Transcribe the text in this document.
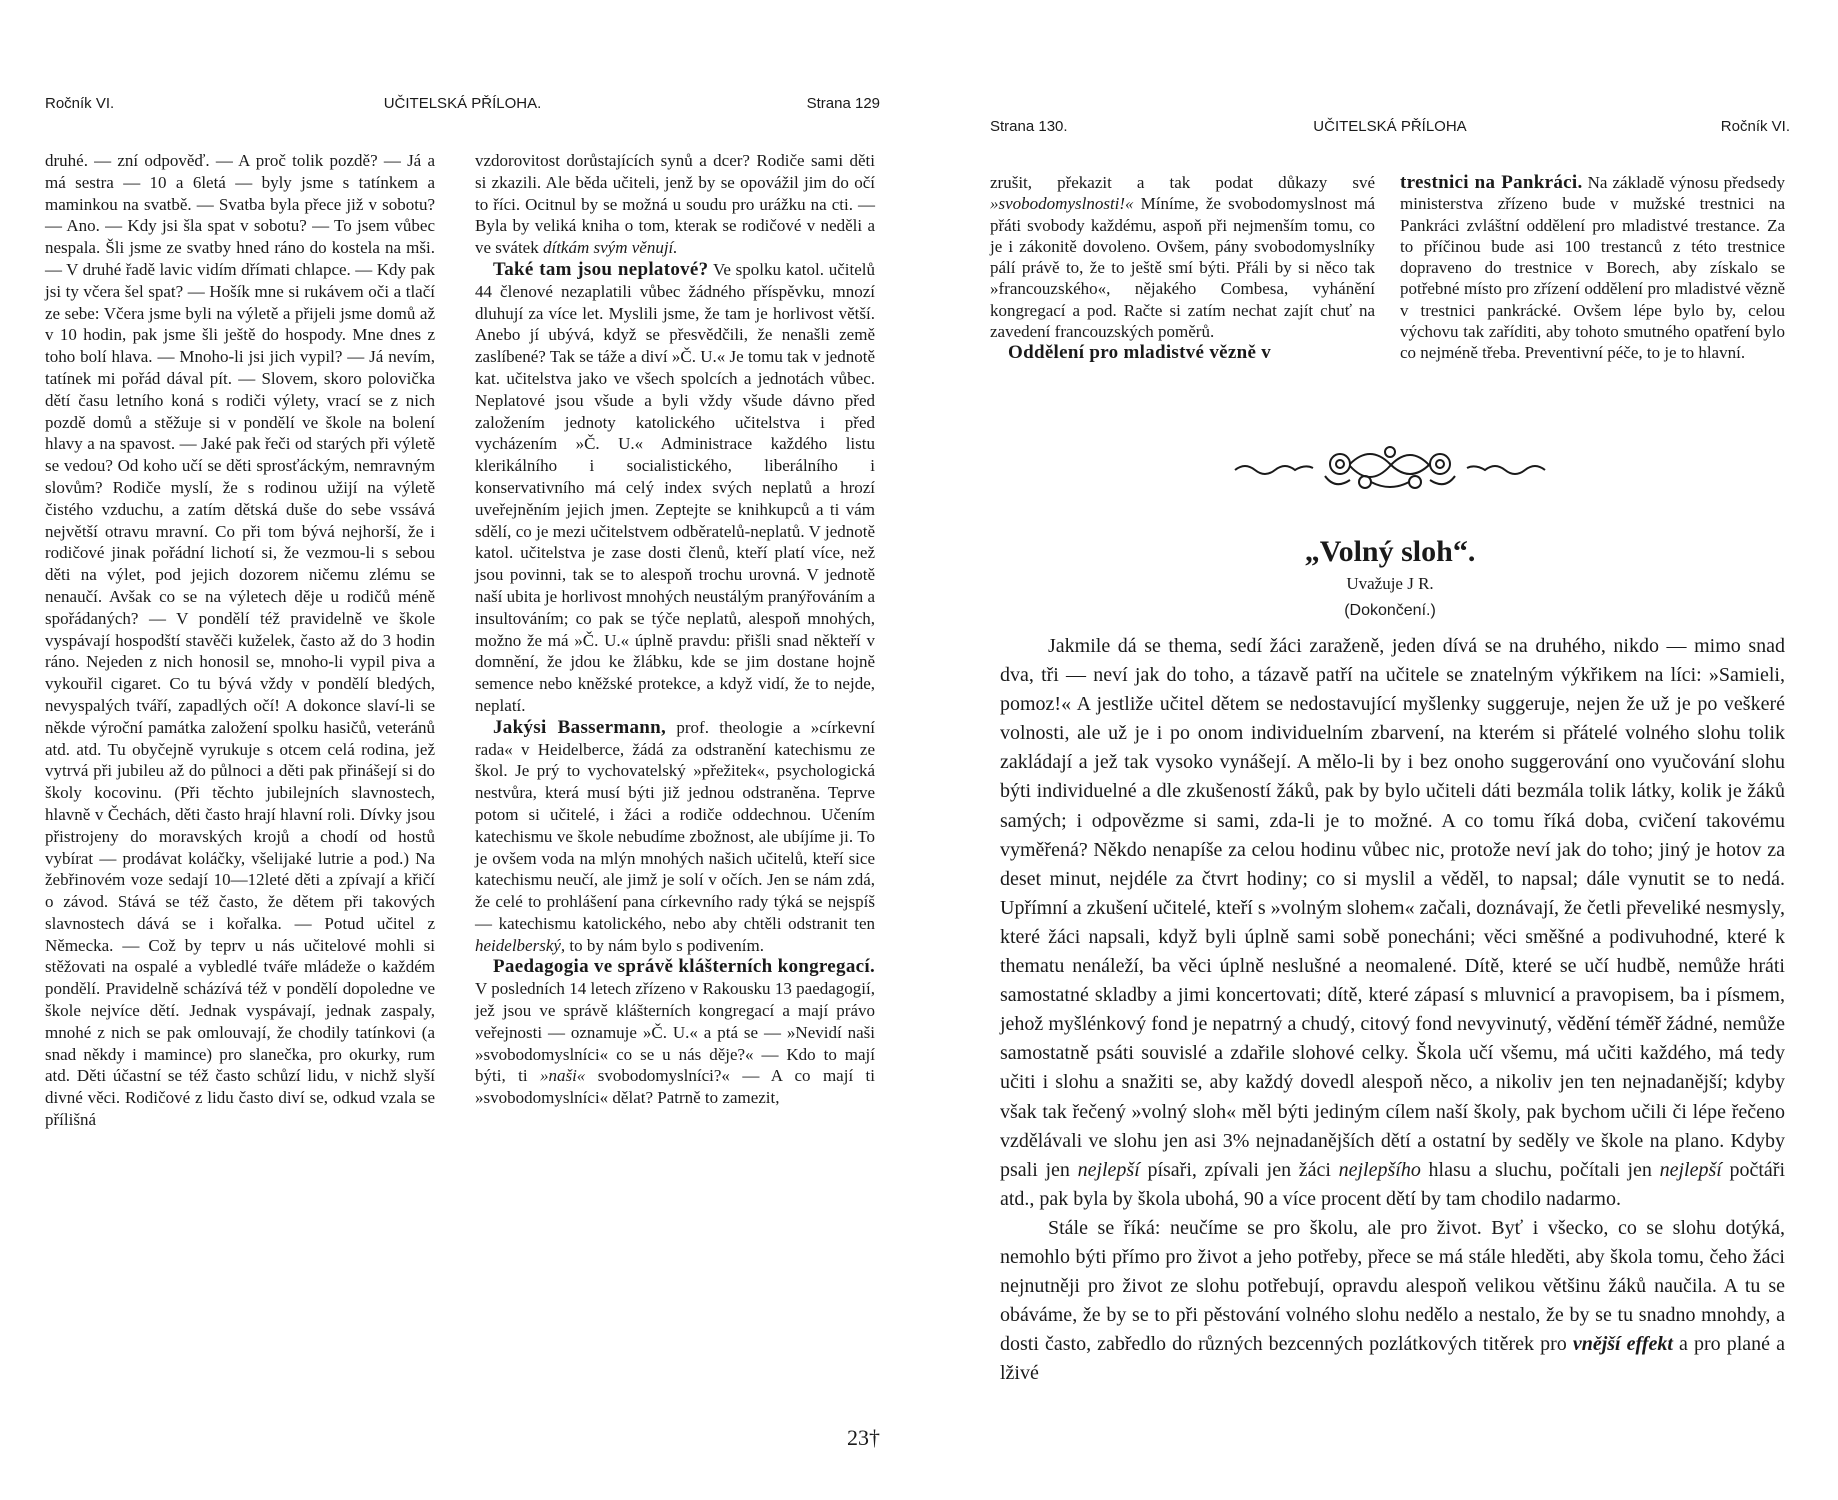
Ročník VI.	UČITELSKÁ PŘÍLOHA.	Strana 129

druhé. — zní odpověď. — A proč tolik pozdě? — Já a má sestra — 10 a 6letá — byly jsme s tatínkem a maminkou na svatbě. — Svatba byla přece již v sobotu? — Ano. — Kdy jsi šla spat v sobotu? — To jsem vůbec nespala. Šli jsme ze svatby hned ráno do kostela na mši. — V druhé řadě lavic vidím dřímati chlapce. — Kdy pak jsi ty včera šel spat? — Hošík mne si rukávem oči a tlačí ze sebe: Včera jsme byli na výletě a přijeli jsme domů až v 10 hodin, pak jsme šli ještě do hospody. Mne dnes z toho bolí hlava. — Mnoho-li jsi jich vypil? — Já nevím, tatínek mi pořád dával pít. — Slovem, skoro polovička dětí času letního koná s rodiči výlety, vrací se z nich pozdě domů a stěžuje si v pondělí ve škole na bolení hlavy a na spavost. — Jaké pak řeči od starých při výletě se vedou? Od koho učí se děti sprosťáckým, nemravným slovům? Rodiče myslí, že s rodinou užijí na výletě čistého vzduchu, a zatím dětská duše do sebe vssává největší otravu mravní. Co při tom bývá nejhorší, že i rodičové jinak pořádní lichotí si, že vezmou-li s sebou děti na výlet, pod jejich dozorem ničemu zlému se nenaučí. Avšak co se na výletech děje u rodičů méně spořádaných? — V pondělí též pravidelně ve škole vyspávají hospodští stavěči kuželek, často až do 3 hodin ráno. Nejeden z nich honosil se, mnoho-li vypil piva a vykouřil cigaret. Co tu bývá vždy v pondělí bledých, nevyspalých tváří, zapadlých očí! A dokonce slaví-li se někde výroční památka založení spolku hasičů, veteránů atd. atd. Tu obyčejně vyrukuje s otcem celá rodina, jež vytrvá při jubileu až do půlnoci a děti pak přinášejí si do školy kocovinu. (Při těchto jubilejních slavnostech, hlavně v Čechách, děti často hrají hlavní roli. Dívky jsou přistrojeny do moravských krojů a chodí od hostů vybírat — prodávat koláčky, všelijaké lutrie a pod.) Na žebřinovém voze sedají 10—12leté děti a zpívají a křičí o závod. Stává se též často, že dětem při takových slavnostech dává se i kořalka. — Potud učitel z Německa. — Což by teprv u nás učitelové mohli si stěžovati na ospalé a vybledlé tváře mládeže o každém pondělí. Pravidelně scházívá též v pondělí dopoledne ve škole nejvíce dětí. Jednak vyspávají, jednak zaspaly, mnohé z nich se pak omlouvají, že chodily tatínkovi (a snad někdy i mamince) pro slanečka, pro okurky, rum atd. Děti účastní se též často schůzí lidu, v nichž slyší divné věci. Rodičové z lidu často diví se, odkud vzala se přílišná

vzdorovitost dorůstajících synů a dcer? Rodiče sami děti si zkazili. Ale běda učiteli, jenž by se opovážil jim do očí to říci. Ocitnul by se možná u soudu pro urážku na cti. — Byla by veliká kniha o tom, kterak se rodičové v neděli a ve svátek dítkám svým věnují.

Také tam jsou neplatové? Ve spolku katol. učitelů 44 členové nezaplatili vůbec žádného příspěvku, mnozí dluhují za více let. Myslili jsme, že tam je horlivost větší. Anebo jí ubývá, když se přesvědčili, že nenašli země zaslíbené? Tak se táže a diví »Č. U.« Je tomu tak v jednotě kat. učitelstva jako ve všech spolcích a jednotách vůbec. Neplatové jsou všude a byli vždy všude dávno před založením jednoty katolického učitelstva i před vycházením »Č. U.« Administrace každého listu klerikálního i socialistického, liberálního i konservativního má celý index svých neplatů a hrozí uveřejněním jejich jmen. Zeptejte se knihkupců a ti vám sdělí, co je mezi učitelstvem odběratelů-neplatů. V jednotě katol. učitelstva je zase dosti členů, kteří platí více, než jsou povinni, tak se to alespoň trochu urovná. V jednotě naší ubita je horlivost mnohých neustálým pranýřováním a insultováním; co pak se týče neplatů, alespoň mnohých, možno že má »Č. U.« úplně pravdu: přišli snad někteří v domnění, že jdou ke žlábku, kde se jim dostane hojně semence nebo kněžské protekce, a když vidí, že to nejde, neplatí.

Jakýsi Bassermann, prof. theologie a »církevní rada« v Heidelberce, žádá za odstranění katechismu ze škol. Je prý to vychovatelský »přežitek«, psychologická nestvůra, která musí býti již jednou odstraněna. Teprve potom si učitelé, i žáci a rodiče oddechnou. Učením katechismu ve škole nebudíme zbožnost, ale ubíjíme ji. To je ovšem voda na mlýn mnohých našich učitelů, kteří sice katechismu neučí, ale jimž je solí v očích. Jen se nám zdá, že celé to prohlášení pana církevního rady týká se nejspíš — katechismu katolického, nebo aby chtěli odstranit ten heidelberský, to by nám bylo s podivením.

Paedagogia ve správě klášterních kongregací. V posledních 14 letech zřízeno v Rakousku 13 paedagogií, jež jsou ve správě klášterních kongregací a mají právo veřejnosti — oznamuje »Č. U.« a ptá se — »Nevidí naši »svobodomyslníci« co se u nás děje?« — Kdo to mají býti, ti »naši« svobodomyslníci?« — A co mají ti »svobodomyslníci« dělat? Patrně to zamezit,

23†
Strana 130.	UČITELSKÁ PŘÍLOHA	Ročník VI.

zrušit, překazit a tak podat důkazy své »svobodomyslnosti!« Míníme, že svobodomyslnost má přáti svobody každému, aspoň při nejmenším tomu, co je i zákonitě dovoleno. Ovšem, pány svobodomyslníky pálí právě to, že to ještě smí býti. Přáli by si něco tak »francouzského«, nějakého Combesa, vyhánění kongregací a pod. Račte si zatím nechat zajít chuť na zavedení francouzských poměrů.

Oddělení pro mladistvé vězně v

trestnici na Pankráci. Na základě výnosu předsedy ministerstva zřízeno bude v mužské trestnici na Pankráci zvláštní oddělení pro mladistvé trestance. Za to příčinou bude asi 100 trestanců z této trestnice dopraveno do trestnice v Borech, aby získalo se potřebné místo pro zřízení oddělení pro mladistvé vězně v trestnici pankrácké. Ovšem lépe bylo by, celou výchovu tak zaříditi, aby tohoto smutného opatření bylo co nejméně třeba. Preventivní péče, to je to hlavní.

„Volný sloh“.
Uvažuje J R.
(Dokončení.)

Jakmile dá se thema, sedí žáci zaraženě, jeden dívá se na druhého, nikdo — mimo snad dva, tři — neví jak do toho, a tázavě patří na učitele se znatelným výkřikem na líci: »Samieli, pomoz!« A jestliže učitel dětem se nedostavující myšlenky suggeruje, nejen že už je po veškeré volnosti, ale už je i po onom individuelním zbarvení, na kterém si přátelé volného slohu tolik zakládají a jež tak vysoko vynášejí. A mělo-li by i bez onoho suggerování ono vyučování slohu býti individuelné a dle zkušeností žáků, pak by bylo učiteli dáti bezmála tolik látky, kolik je žáků samých; i odpovězme si sami, zda-li je to možné. A co tomu říká doba, cvičení takovému vyměřená? Někdo nenapíše za celou hodinu vůbec nic, protože neví jak do toho; jiný je hotov za deset minut, nejdéle za čtvrt hodiny; co si myslil a věděl, to napsal; dále vynutit se to nedá. Upřímní a zkušení učitelé, kteří s »volným slohem« začali, doznávají, že četli převeliké nesmysly, které žáci napsali, když byli úplně sami sobě ponecháni; věci směšné a podivuhodné, které k thematu nenáleží, ba věci úplně neslušné a neomalené. Dítě, které se učí hudbě, nemůže hráti samostatné skladby a jimi koncertovati; dítě, které zápasí s mluvnicí a pravopisem, ba i písmem, jehož myšlénkový fond je nepatrný a chudý, citový fond nevyvinutý, vědění téměř žádné, nemůže samostatně psáti souvislé a zdařile slohové celky. Škola učí všemu, má učiti každého, má tedy učiti i slohu a snažiti se, aby každý dovedl alespoň něco, a nikoliv jen ten nejnadanější; kdyby však tak řečený »volný sloh« měl býti jediným cílem naší školy, pak bychom učili či lépe řečeno vzdělávali ve slohu jen asi 3% nejnadanějších dětí a ostatní by seděly ve škole na plano. Kdyby psali jen nejlepší písaři, zpívali jen žáci nejlepšího hlasu a sluchu, počítali jen nejlepší počtáři atd., pak byla by škola ubohá, 90 a více procent dětí by tam chodilo nadarmo.

Stále se říká: neučíme se pro školu, ale pro život. Byť i všecko, co se slohu dotýká, nemohlo býti přímo pro život a jeho potřeby, přece se má stále hleděti, aby škola tomu, čeho žáci nejnutněji pro život ze slohu potřebují, opravdu alespoň velikou většinu žáků naučila. A tu se obáváme, že by se to při pěstování volného slohu nedělo a nestalo, že by se tu snadno mnohdy, a dosti často, zabředlo do různých bezcenných pozlátkových titěrek pro vnější effekt a pro plané a lživé
